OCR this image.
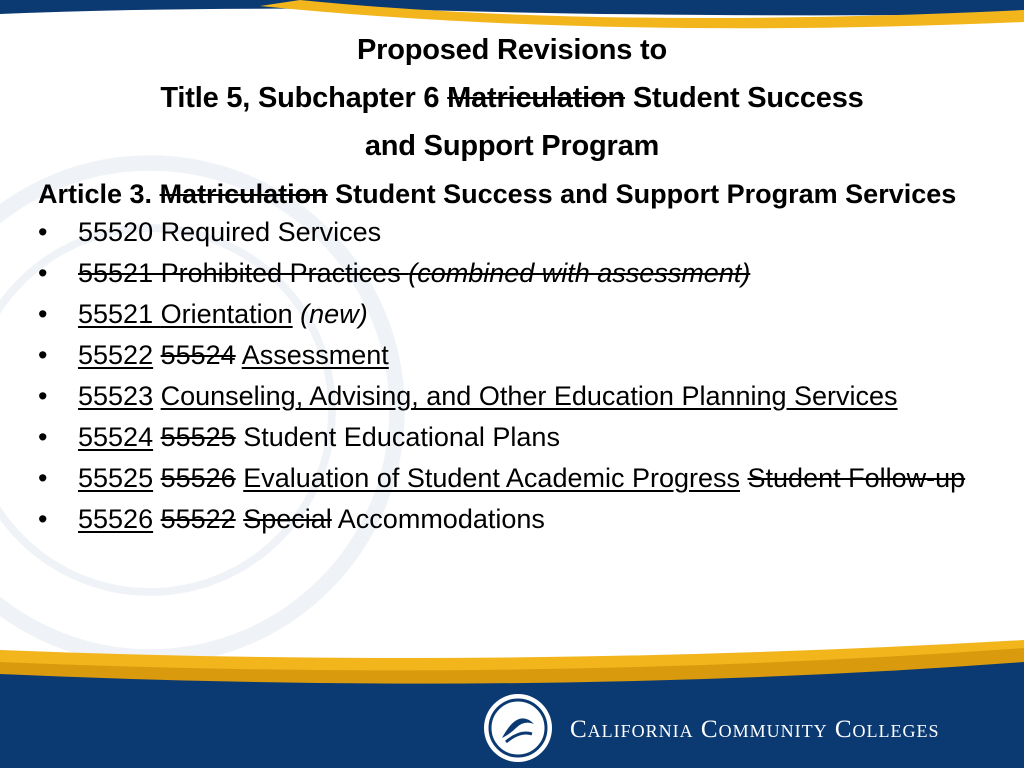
Proposed Revisions to
Title 5, Subchapter 6 Matriculation Student Success
and Support Program
Article 3. Matriculation Student Success and Support Program Services
• 55520 Required Services
• 55521 Prohibited Practices (combined with assessment)
• 55521 Orientation (new)
• 55522 55524 Assessment
• 55523 Counseling, Advising, and Other Education Planning Services
• 55524 55525 Student Educational Plans
• 55525 55526 Evaluation of Student Academic Progress Student Follow-up
• 55526 55522 Special Accommodations
California Community Colleges
